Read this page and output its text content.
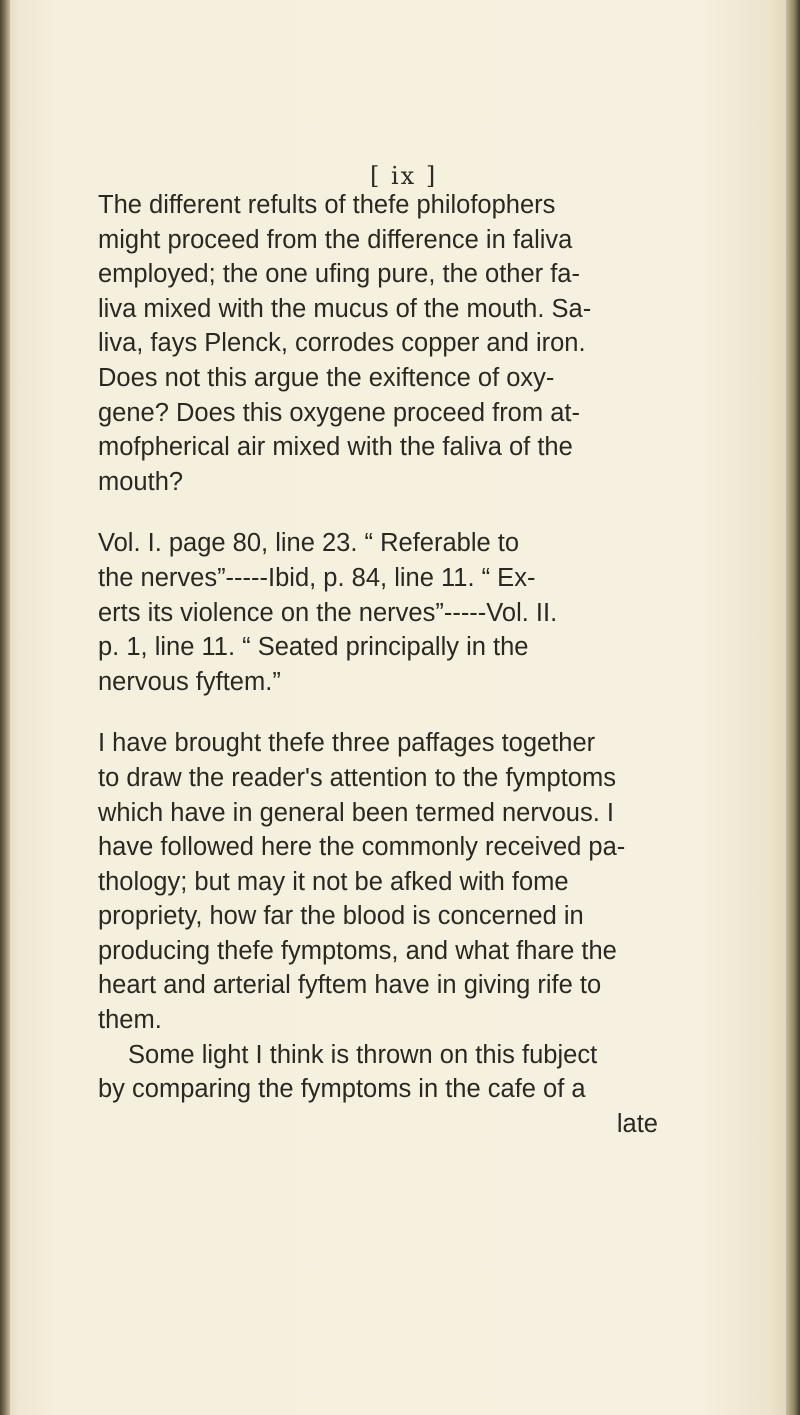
[ ix ]
The different refults of thefe philofophers
might proceed from the difference in faliva
employed; the one ufing pure, the other fa-
liva mixed with the mucus of the mouth. Sa-
liva, fays Plenck, corrodes copper and iron.
Does not this argue the exiftence of oxy-
gene? Does this oxygene proceed from at-
mofpherical air mixed with the faliva of the
mouth?
Vol. I. page 80, line 23. “ Referable to
the nerves”-----Ibid, p. 84, line 11. “ Ex-
erts its violence on the nerves”-----Vol. II.
p. 1, line 11. “ Seated principally in the
nervous fyftem.”
I have brought thefe three paffages together
to draw the reader's attention to the fymptoms
which have in general been termed nervous. I
have followed here the commonly received pa-
thology; but may it not be afked with fome
propriety, how far the blood is concerned in
producing thefe fymptoms, and what fhare the
heart and arterial fyftem have in giving rife to
them.
Some light I think is thrown on this fubject
by comparing the fymptoms in the cafe of a
late
